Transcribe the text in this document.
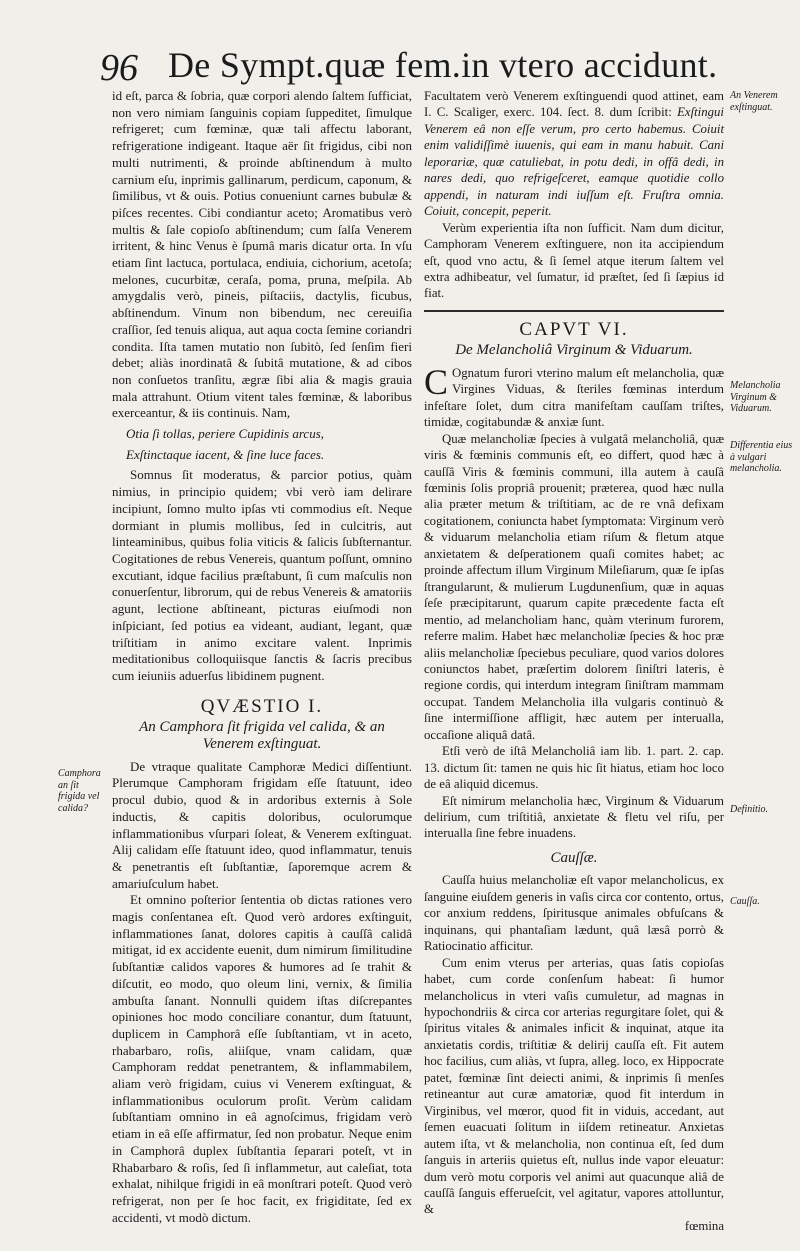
96 De Sympt.quæ fem.in vtero accidunt.

id eſt, parca & ſobria, quæ corpori alendo ſaltem ſufficiat, non vero nimiam ſanguinis copiam ſuppeditet, ſimulque refrigeret; cum fœminæ, quæ tali affectu laborant, refrigeratione indigeant. Itaque aër ſit frigidus, cibi non multi nutrimenti, & proinde abſtinendum à multo carnium eſu, inprimis gallinarum, perdicum, caponum, & ſimilibus, vt & ouis. Potius conueniunt carnes bubulæ & piſces recentes. Cibi condiantur aceto; Aromatibus verò multis & ſale copioſo abſtinendum; cum ſalſa Venerem irritent, & hinc Venus è ſpumâ maris dicatur orta. In vſu etiam ſint lactuca, portulaca, endiuia, cichorium, acetoſa; melones, cucurbitæ, ceraſa, poma, pruna, meſpila. Ab amygdalis verò, pineis, piſtaciis, dactylis, ficubus, abſtinendum. Vinum non bibendum, nec cereuiſia craſſior, ſed tenuis aliqua, aut aqua cocta ſemine coriandri condita. Iſta tamen mutatio non ſubitò, ſed ſenſim fieri debet; aliàs inordinatâ & ſubitâ mutatione, & ad cibos non conſuetos tranſitu, ægræ ſibi alia & magis grauia mala attrahunt. Otium vitent tales fœminæ, & laboribus exerceantur, & iis continuis. Nam,

Otia ſi tollas, periere Cupidinis arcus,
Exſtinctaque iacent, & ſine luce faces.

Somnus ſit moderatus, & parcior potius, quàm nimius, in principio quidem; vbi verò iam delirare incipiunt, ſomno multo ipſas vti commodius eſt. Neque dormiant in plumis mollibus, ſed in culcitris, aut linteaminibus, quibus folia viticis & ſalicis ſubſternantur. Cogitationes de rebus Venereis, quantum poſſunt, omnino excutiant, idque facilius præſtabunt, ſi cum maſculis non conuerſentur, librorum, qui de rebus Venereis & amatoriis agunt, lectione abſtineant, picturas eiuſmodi non inſpiciant, ſed potius ea videant, audiant, legant, quæ triſtitiam in animo excitare valent. Inprimis meditationibus colloquiisque ſanctis & ſacris precibus cum ieiuniis aduerſus libidinem pugnent.

QVÆSTIO I.
An Camphora ſit frigida vel calida, & an Venerem exſtinguat.

De vtraque qualitate Camphoræ Medici diſſentiunt. Plerumque Camphoram frigidam eſſe ſtatuunt, ideo procul dubio, quod & in ardoribus externis à Sole inductis, & capitis doloribus, oculorumque inflammationibus vſurpari ſoleat, & Venerem exſtinguat. Alij calidam eſſe ſtatuunt ideo, quod inflammatur, tenuis & penetrantis eſt ſubſtantiæ, ſaporemque acrem & amariuſculum habet.

Et omnino poſterior ſententia ob dictas rationes vero magis conſentanea eſt. Quod verò ardores exſtinguit, inflammationes ſanat, dolores capitis à cauſſâ calidâ mitigat, id ex accidente euenit, dum nimirum ſimilitudine ſubſtantiæ calidos vapores & humores ad ſe trahit & diſcutit, eo modo, quo oleum lini, vernix, & ſimilia ambuſta ſanant. Nonnulli quidem iſtas diſcrepantes opiniones hoc modo conciliare conantur, dum ſtatuunt, duplicem in Camphorâ eſſe ſubſtantiam, vt in aceto, rhabarbaro, roſis, aliiſque, vnam calidam, quæ Camphoram reddat penetrantem, & inflammabilem, aliam verò frigidam, cuius vi Venerem exſtinguat, & inflammationibus oculorum proſit. Verùm calidam ſubſtantiam omnino in eâ agnoſcimus, frigidam verò etiam in eâ eſſe affirmatur, ſed non probatur. Neque enim in Camphorâ duplex ſubſtantia ſeparari poteſt, vt in Rhabarbaro & roſis, ſed ſi inflammetur, aut caleſiat, tota exhalat, nihilque frigidi in eâ monſtrari poteſt. Quod verò refrigerat, non per ſe hoc facit, ex frigiditate, ſed ex accidenti, vt modò dictum.

Facultatem verò Venerem exſtinguendi quod attinet, eam I. C. Scaliger, exerc. 104. ſect. 8. dum ſcribit: Exſtingui Venerem eâ non eſſe verum, pro certo habemus. Coiuit enim validiſſimè iuuenis, qui eam in manu habuit. Cani leporariæ, quæ catuliebat, in potu dedi, in offâ dedi, in nares dedi, quo refrigeſceret, eamque quotidie collo appendi, in naturam indi iuſſum eſt. Fruſtra omnia. Coiuit, concepit, peperit.

Verùm experientia iſta non ſufficit. Nam dum dicitur, Camphoram Venerem exſtinguere, non ita accipiendum eſt, quod vno actu, & ſi ſemel atque iterum ſaltem vel extra adhibeatur, vel ſumatur, id præſtet, ſed ſi ſæpius id fiat.

CAPVT VI.
De Melancholiâ Virginum & Viduarum.

C Ognatum furori vterino malum eſt melancholia, quæ Virgines Viduas, & ſteriles fœminas interdum infeſtare ſolet, dum citra manifeſtam cauſſam triſtes, timidæ, cogitabundæ & anxiæ ſunt.

Quæ melancholiæ ſpecies à vulgatâ melancholiâ, quæ viris & fœminis communis eſt, eo differt, quod hæc à cauſſâ Viris & fœminis communi, illa autem à cauſâ fœminis ſolis propriâ prouenit; præterea, quod hæc nulla alia præter metum & triſtitiam, ac de re vnâ defixam cogitationem, coniuncta habet ſymptomata: Virginum verò & viduarum melancholia etiam riſum & fletum atque anxietatem & deſperationem quaſi comites habet; ac proinde affectum illum Virginum Mileſiarum, quæ ſe ipſas ſtrangularunt, & mulierum Lugdunenſium, quæ in aquas ſeſe præcipitarunt, quarum capite præcedente facta eſt mentio, ad melancholiam hanc, quàm vterinum furorem, referre malim. Habet hæc melancholiæ ſpecies & hoc præ aliis melancholiæ ſpeciebus peculiare, quod varios dolores coniunctos habet, præſertim dolorem ſiniſtri lateris, è regione cordis, qui interdum integram ſiniſtram mammam occupat. Tandem Melancholia illa vulgaris continuò & ſine intermiſſione affligit, hæc autem per interualla, occaſione aliquâ datâ.

Etſi verò de iſtâ Melancholiâ iam lib. 1. part. 2. cap. 13. dictum ſit: tamen ne quis hic ſit hiatus, etiam hoc loco de eâ aliquid dicemus.

Eſt nimirum melancholia hæc, Virginum & Viduarum delirium, cum triſtitiâ, anxietate & fletu vel riſu, per interualla ſine febre inuadens.

Cauſſæ.

Cauſſa huius melancholiæ eſt vapor melancholicus, ex ſanguine eiuſdem generis in vaſis circa cor contento, ortus, cor anxium reddens, ſpiritusque animales obfuſcans & inquinans, qui phantaſiam lædunt, quâ læsâ porrò & Ratiocinatio afficitur.

Cum enim vterus per arterias, quas ſatis copioſas habet, cum corde conſenſum habeat: ſi humor melancholicus in vteri vaſis cumuletur, ad magnas in hypochondriis & circa cor arterias regurgitare ſolet, qui & ſpiritus vitales & animales inficit & inquinat, atque ita anxietatis cordis, triſtitiæ & delirij cauſſa eſt. Fit autem hoc facilius, cum aliàs, vt ſupra, alleg. loco, ex Hippocrate patet, fœminæ ſint deiecti animi, & inprimis ſi menſes retineantur aut curæ amatoriæ, quod fit interdum in Virginibus, vel mœror, quod fit in viduis, accedant, aut ſemen euacuati ſolitum in iiſdem retineatur. Anxietas autem iſta, vt & melancholia, non continua eſt, ſed dum ſanguis in arteriis quietus eſt, nullus inde vapor eleuatur: dum verò motu corporis vel animi aut quacunque aliâ de cauſſâ ſanguis efferueſcit, vel agitatur, vapores attolluntur, &

fœmina
Camphora an ſit frigida vel calida?
An Venerem exſtinguat.
Melancholia Virginum & Viduarum.
Differentia eius à vulgari melancholia.
Definitio.
Cauſſa.
